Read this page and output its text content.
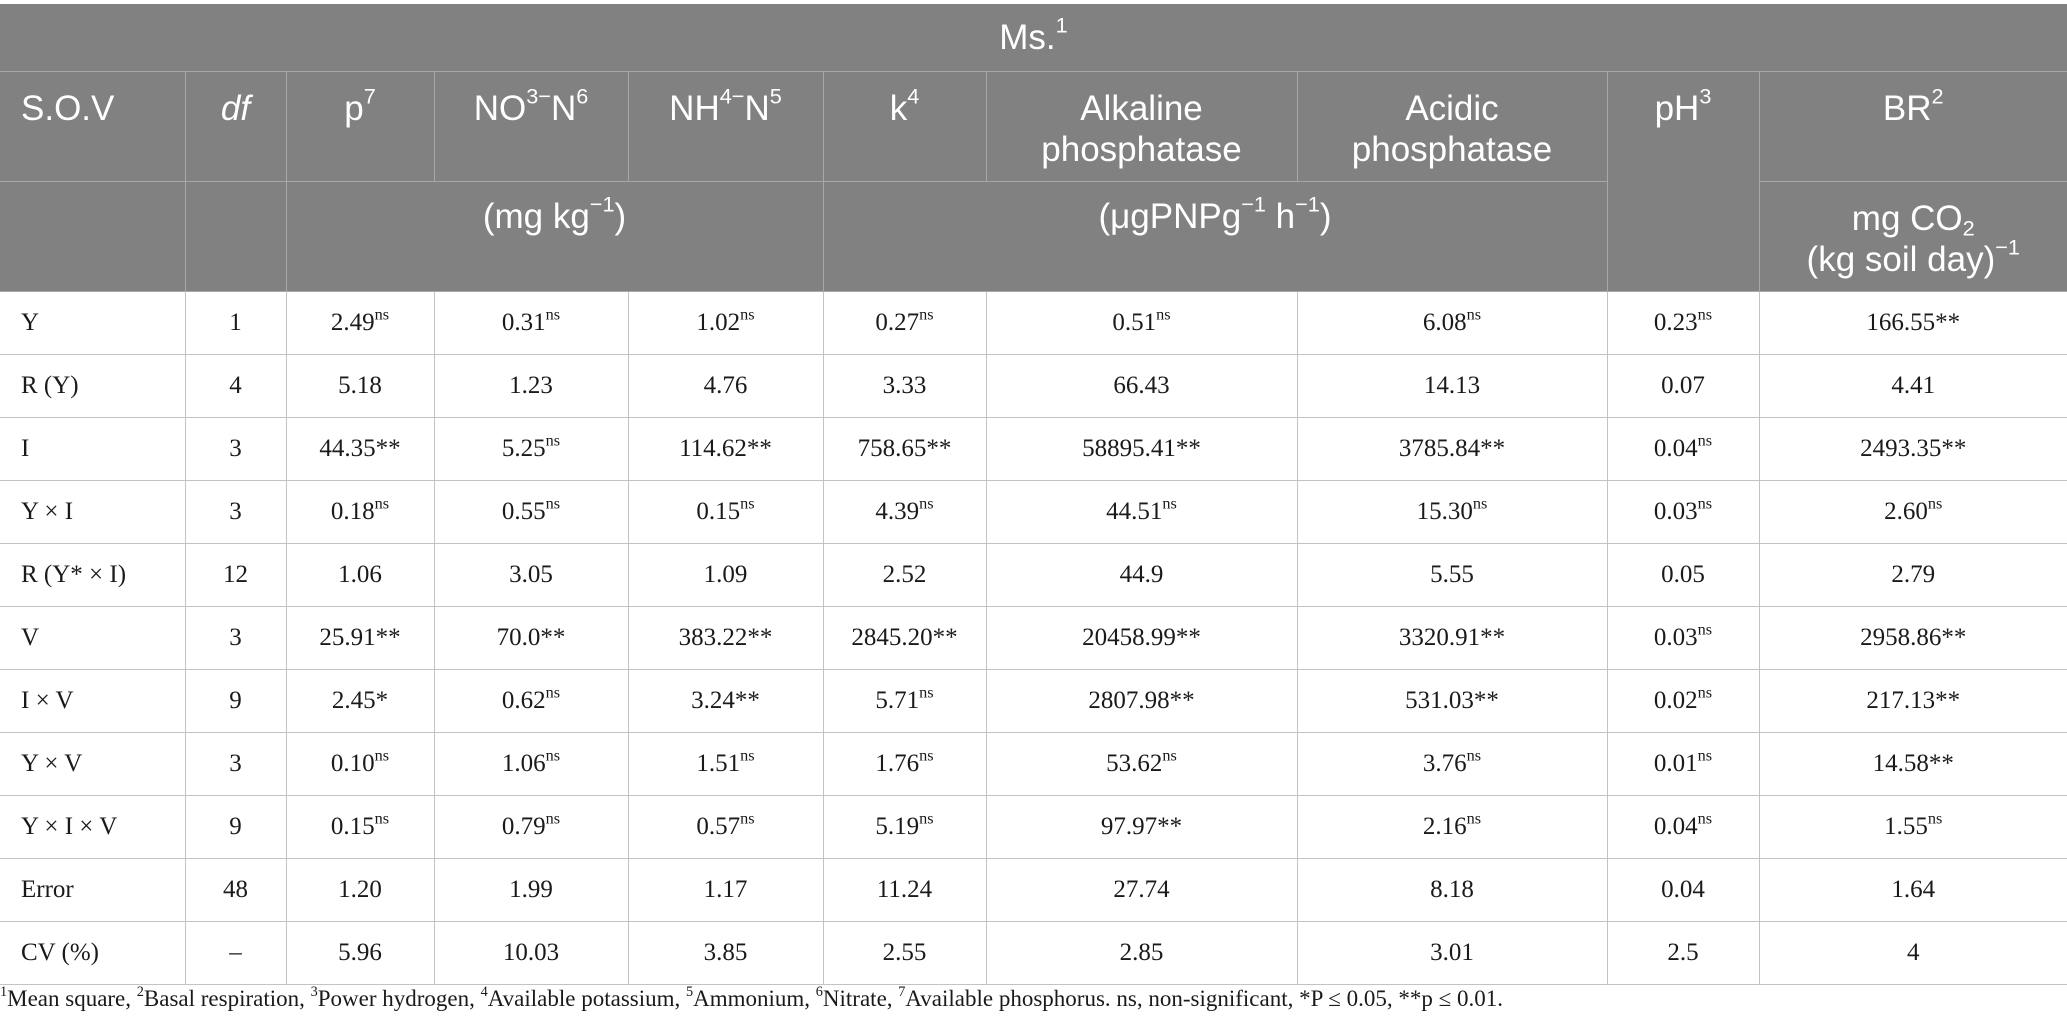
Ms.$^1$
S.O.V	df	$p^7$	$NO^{3-}N^6$	$NH^{4-}N^5$	$k^4$	Alkaline
phosphatase	Acidic
phosphatase	$pH^3$	$BR^2$
		(mg $kg^{-1}$)			(μgPNPg$^{-1}$ $h^{-1}$)				mg $CO_2$
(kg soil day)$^{-1}$
Y	1	$2.49^{ns}$	$0.31^{ns}$	$1.02^{ns}$	$0.27^{ns}$	$0.51^{ns}$	$6.08^{ns}$	$0.23^{ns}$	166.55**
R (Y)	4	5.18	1.23	4.76	3.33	66.43	14.13	0.07	4.41
I	3	44.35**	$5.25^{ns}$	114.62**	758.65**	58895.41**	3785.84**	$0.04^{ns}$	2493.35**
Y × I	3	$0.18^{ns}$	$0.55^{ns}$	$0.15^{ns}$	$4.39^{ns}$	$44.51^{ns}$	$15.30^{ns}$	$0.03^{ns}$	$2.60^{ns}$
R (Y* × I)	12	1.06	3.05	1.09	2.52	44.9	5.55	0.05	2.79
V	3	25.91**	70.0**	383.22**	2845.20**	20458.99**	3320.91**	$0.03^{ns}$	2958.86**
I × V	9	2.45*	$0.62^{ns}$	3.24**	$5.71^{ns}$	2807.98**	531.03**	$0.02^{ns}$	217.13**
Y × V	3	$0.10^{ns}$	$1.06^{ns}$	$1.51^{ns}$	$1.76^{ns}$	$53.62^{ns}$	$3.76^{ns}$	$0.01^{ns}$	14.58**
Y × I × V	9	$0.15^{ns}$	$0.79^{ns}$	$0.57^{ns}$	$5.19^{ns}$	97.97**	$2.16^{ns}$	$0.04^{ns}$	$1.55^{ns}$
Error	48	1.20	1.99	1.17	11.24	27.74	8.18	0.04	1.64
CV (%)	–	5.96	10.03	3.85	2.55	2.85	3.01	2.5	4
$^1$Mean square, $^2$Basal respiration, $^3$Power hydrogen, $^4$Available potassium, $^5$Ammonium, $^6$Nitrate, $^7$Available phosphorus. ns, non-significant, *P ≤ 0.05, **p ≤ 0.01.
